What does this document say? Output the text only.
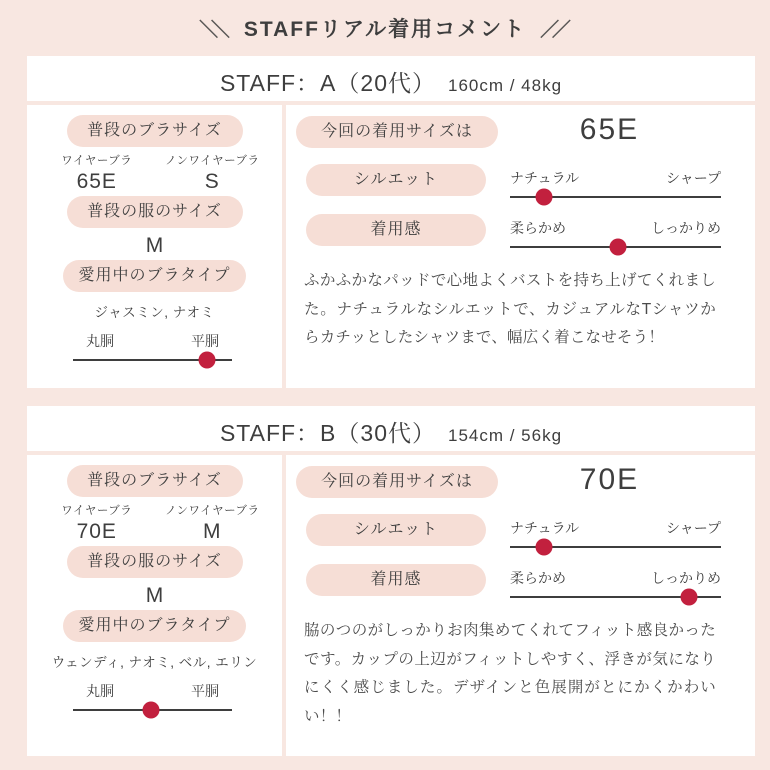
＼＼	STAFFリアル着用コメント ／／
STAFF：A（20代） 160cm / 48kg
普段のブラサイズ
ワイヤーブラ
65E
ノンワイヤーブラ
S
普段の服のサイズ
M
愛用中のブラタイプ
ジャスミン, ナオミ
丸胴	平胴
今回の着用サイズは	65E
シルエット	ナチュラル	シャープ
着用感	柔らかめ	しっかりめ

ふかふかなパッドで心地よくバストを持ち上げてくれました。ナチュラルなシルエットで、カジュアルなTシャツからカチッとしたシャツまで、幅広く着こなせそう！

STAFF：B（30代） 154cm / 56kg
普段のブラサイズ
ワイヤーブラ
70E
ノンワイヤーブラ
M
普段の服のサイズ
M
愛用中のブラタイプ
ウェンディ, ナオミ, ベル, エリン
丸胴	平胴
今回の着用サイズは	70E
シルエット	ナチュラル	シャープ
着用感	柔らかめ	しっかりめ

脇のつのがしっかりお肉集めてくれてフィット感良かったです。カップの上辺がフィットしやすく、浮きが気になりにくく感じました。デザインと色展開がとにかくかわいい！！
